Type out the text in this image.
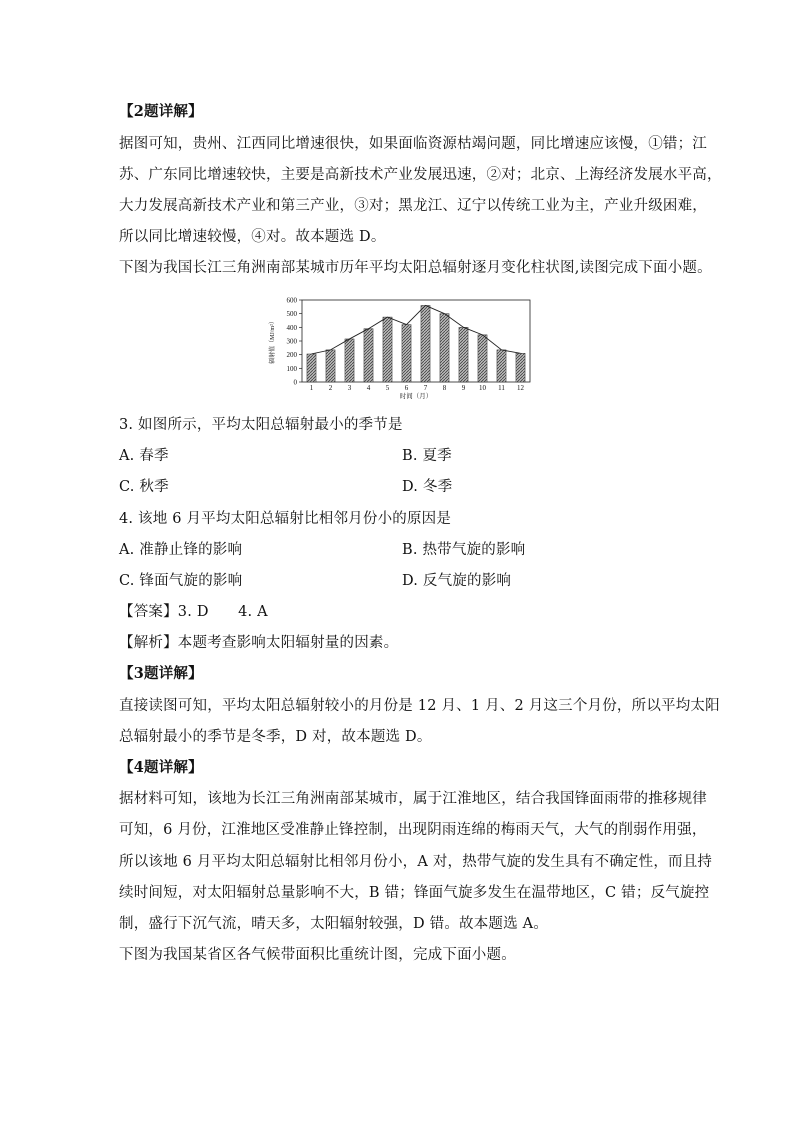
【2题详解】
据图可知，贵州、江西同比增速很快，如果面临资源枯竭问题，同比增速应该慢，①错；江
苏、广东同比增速较快，主要是高新技术产业发展迅速，②对；北京、上海经济发展水平高，
大力发展高新技术产业和第三产业，③对；黑龙江、辽宁以传统工业为主，产业升级困难，
所以同比增速较慢，④对。故本题选 D。
下图为我国长江三角洲南部某城市历年平均太阳总辐射逐月变化柱状图,读图完成下面小题。
0
100
200
300
400
500
600
1 2 3 4 5 6 7 8 9 10 11 12
时间（月）
辐射值（MJ/m²）
3. 如图所示，平均太阳总辐射最小的季节是
A. 春季	B. 夏季
C. 秋季	D. 冬季
4. 该地 6 月平均太阳总辐射比相邻月份小的原因是
A. 准静止锋的影响	B. 热带气旋的影响
C. 锋面气旋的影响	D. 反气旋的影响
【答案】3. D　　4. A
【解析】本题考查影响太阳辐射量的因素。
【3题详解】
直接读图可知，平均太阳总辐射较小的月份是 12 月、1 月、2 月这三个月份，所以平均太阳
总辐射最小的季节是冬季，D 对，故本题选 D。
【4题详解】
据材料可知，该地为长江三角洲南部某城市，属于江淮地区，结合我国锋面雨带的推移规律
可知，6 月份，江淮地区受准静止锋控制，出现阴雨连绵的梅雨天气，大气的削弱作用强，
所以该地 6 月平均太阳总辐射比相邻月份小，A 对，热带气旋的发生具有不确定性，而且持
续时间短，对太阳辐射总量影响不大，B 错；锋面气旋多发生在温带地区，C 错；反气旋控
制，盛行下沉气流，晴天多，太阳辐射较强，D 错。故本题选 A。
下图为我国某省区各气候带面积比重统计图，完成下面小题。
